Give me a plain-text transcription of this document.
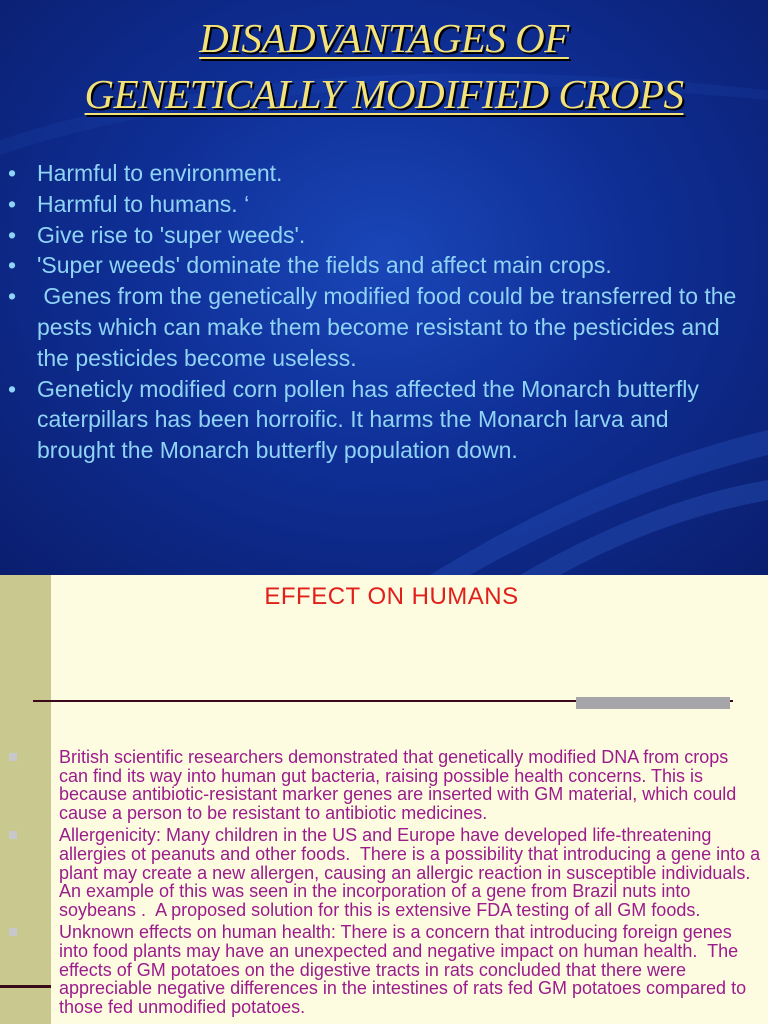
DISADVANTAGES OF
GENETICALLY MODIFIED CROPS
• Harmful to environment.
• Harmful to humans. ‘
• Give rise to 'super weeds'.
• 'Super weeds' dominate the fields and affect main crops.
• Genes from the genetically modified food could be transferred to the pests which can make them become resistant to the pesticides and the pesticides become useless.
• Geneticly modified corn pollen has affected the Monarch butterfly caterpillars has been horroific. It harms the Monarch larva and brought the Monarch butterfly population down.
EFFECT ON HUMANS
British scientific researchers demonstrated that genetically modified DNA from crops can find its way into human gut bacteria, raising possible health concerns. This is because antibiotic-resistant marker genes are inserted with GM material, which could cause a person to be resistant to antibiotic medicines.
Allergenicity: Many children in the US and Europe have developed life-threatening allergies ot peanuts and other foods.  There is a possibility that introducing a gene into a plant may create a new allergen, causing an allergic reaction in susceptible individuals.  An example of this was seen in the incorporation of a gene from Brazil nuts into soybeans .  A proposed solution for this is extensive FDA testing of all GM foods.
Unknown effects on human health: There is a concern that introducing foreign genes into food plants may have an unexpected and negative impact on human health.  The effects of GM potatoes on the digestive tracts in rats concluded that there were appreciable negative differences in the intestines of rats fed GM potatoes compared to those fed unmodified potatoes.
